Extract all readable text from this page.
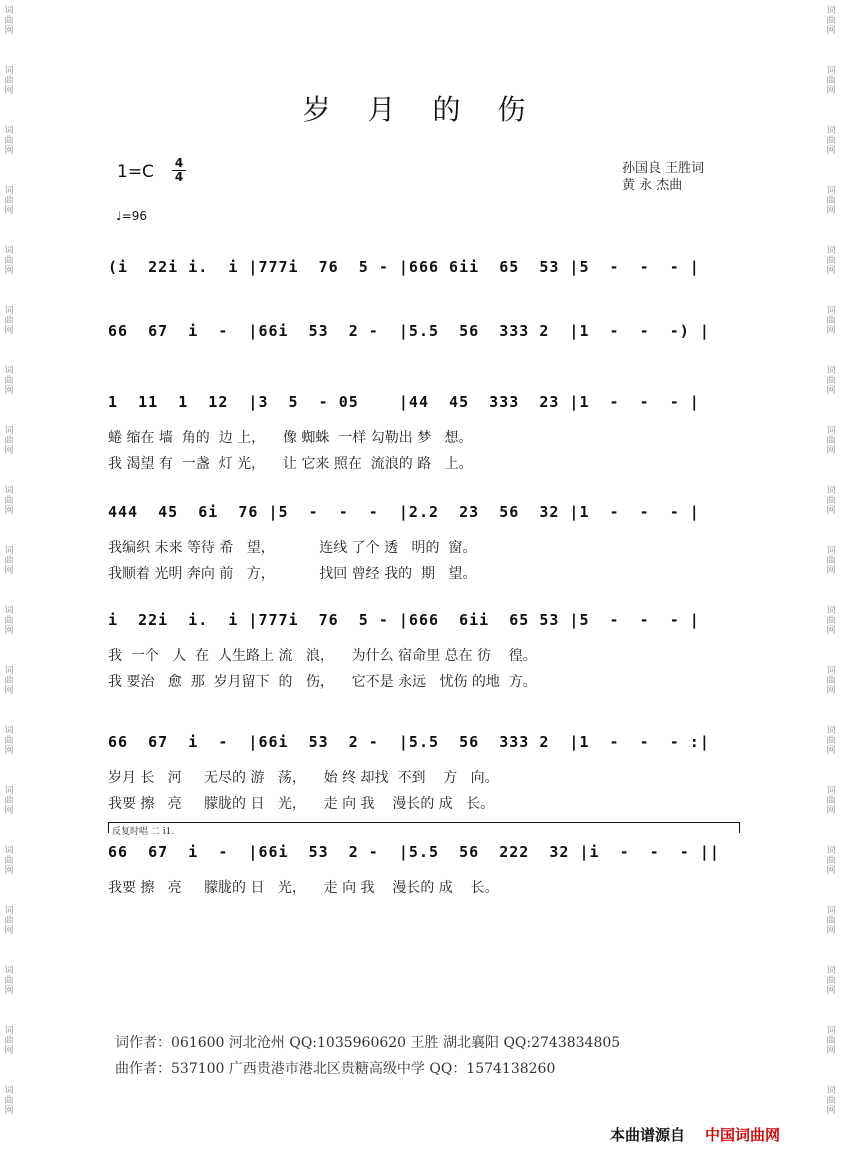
词
曲
网
词
曲
网
词
曲
网
词
曲
网
词
曲
网
词
曲
网
词
曲
网
词
曲
网
词
曲
网
词
曲
网
词
曲
网
词
曲
网
词
曲
网
词
曲
网
词
曲
网
词
曲
网
词
曲
网
词
曲
网
词
曲
网
词
曲
网
词
曲
网
词
曲
网
词
曲
网
词
曲
网
词
曲
网
词
曲
网
词
曲
网
词
曲
网
词
曲
网
词
曲
网
词
曲
网
词
曲
网
词
曲
网
词
曲
网
词
曲
网
词
曲
网
词
曲
网
词
曲
网
岁 月 的 伤
1=C 4
4
孙国良 王胜词
黄 永 杰曲
♩=96
(i  22i i.  i |777i  76  5 - |666 6ii  65  53 |5  -  -  - |
66  67  i  -  |66i  53  2 -  |5.5  56  333 2  |1  -  -  -) |
1  11  1  12  |3  5  - 05    |44  45  333  23 |1  -  -  - |
蜷 缩在 墙  角的  边 上，    像 蜘蛛  一样 勾勒出 梦   想。
我 渴望 有  一盏  灯 光，    让 它来 照在  流浪的 路   上。
444  45  6i  76 |5  -  -  -  |2.2  23  56  32 |1  -  -  - |
我编织 未来 等待 希   望，          连线 了个 透   明的  窗。
我顺着 光明 奔向 前   方，          找回 曾经 我的  期   望。
i  22i  i.  i |777i  76  5 - |666  6ii  65 53 |5  -  -  - |
我  一个   人  在  人生路上 流   浪，    为什么 宿命里 总在 彷    徨。
我 要治   愈  那  岁月留下  的   伤，    它不是 永远   忧伤 的地  方。
66  67  i  -  |66i  53  2 -  |5.5  56  333 2  |1  -  -  - :|
岁月 长   河     无尽的 游   荡，    始 终 却找  不到    方   向。
我要 擦   亮     朦胧的 日   光，    走 向 我    漫长的 成   长。
66  67  i  -  |66i  53  2 -  |5.5  56  222  32 |i  -  -  - ||
我要 擦   亮     朦胧的 日   光，    走 向 我    漫长的 成    长。
反复时唱 二 i1.
词作者：061600 河北沧州 QQ:1035960620 王胜 湖北襄阳 QQ:2743834805
曲作者：537100 广西贵港市港北区贵糖高级中学 QQ：1574138260
本曲谱源自 中国词曲网
